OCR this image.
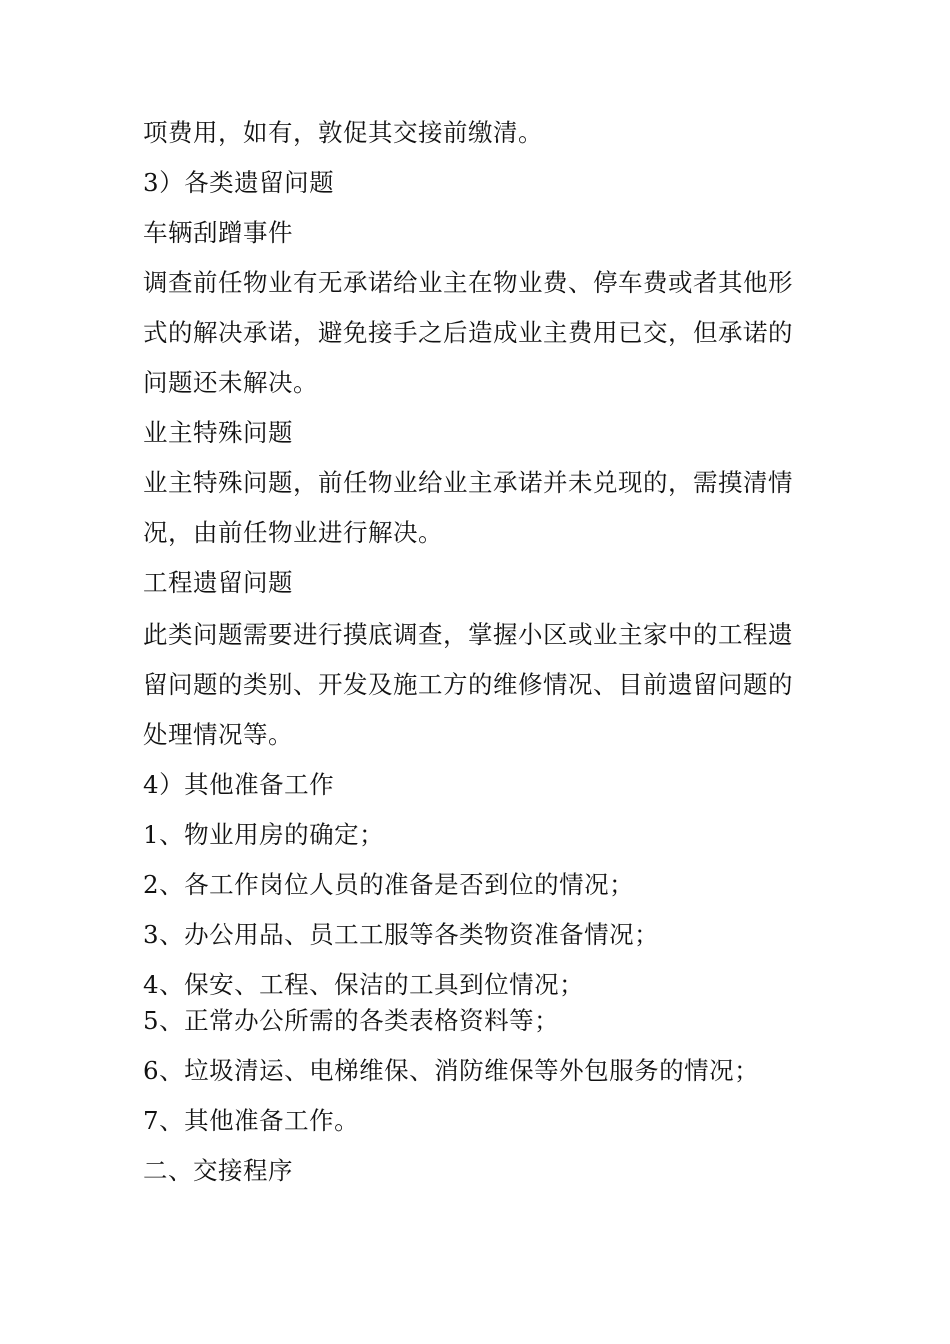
项费用，如有，敦促其交接前缴清。
3）各类遗留问题
车辆刮蹭事件
调查前任物业有无承诺给业主在物业费、停车费或者其他形
式的解决承诺，避免接手之后造成业主费用已交，但承诺的
问题还未解决。
业主特殊问题
业主特殊问题，前任物业给业主承诺并未兑现的，需摸清情
况，由前任物业进行解决。
工程遗留问题
此类问题需要进行摸底调查，掌握小区或业主家中的工程遗
留问题的类别、开发及施工方的维修情况、目前遗留问题的
处理情况等。
4）其他准备工作
1、物业用房的确定；
2、各工作岗位人员的准备是否到位的情况；
3、办公用品、员工工服等各类物资准备情况；
4、保安、工程、保洁的工具到位情况；
5、正常办公所需的各类表格资料等；
6、垃圾清运、电梯维保、消防维保等外包服务的情况；
7、其他准备工作。
二、交接程序
